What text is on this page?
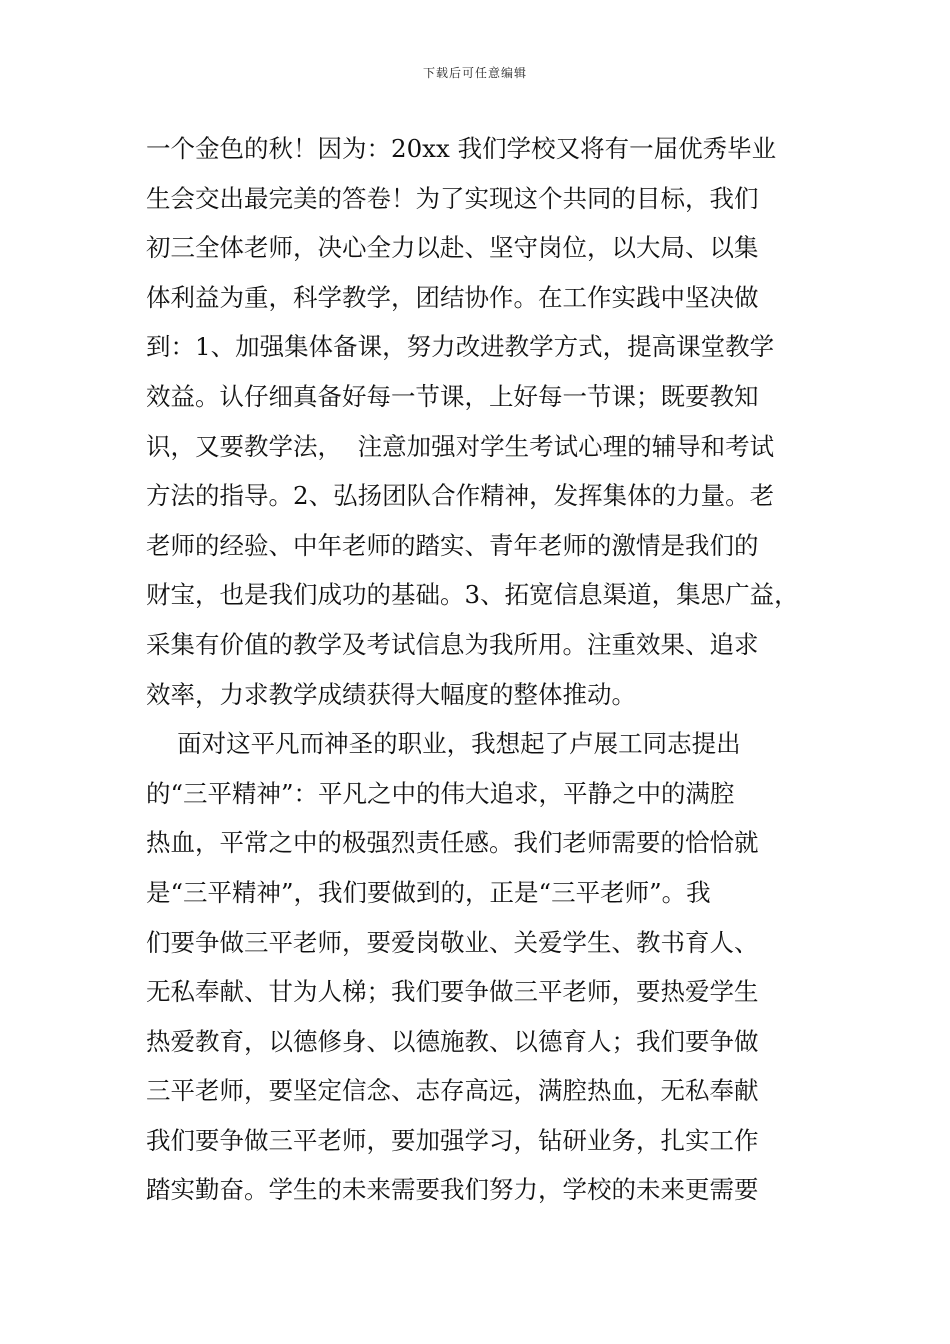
下载后可任意编辑
一个金色的秋！因为：20xx 我们学校又将有一届优秀毕业
生会交出最完美的答卷！为了实现这个共同的目标，我们
初三全体老师，决心全力以赴、坚守岗位，以大局、以集
体利益为重，科学教学，团结协作。在工作实践中坚决做
到：1、加强集体备课，努力改进教学方式，提高课堂教学
效益。认仔细真备好每一节课，上好每一节课；既要教知
识，又要教学法，  注意加强对学生考试心理的辅导和考试
方法的指导。2、弘扬团队合作精神，发挥集体的力量。老
老师的经验、中年老师的踏实、青年老师的激情是我们的
财宝，也是我们成功的基础。3、拓宽信息渠道，集思广益，
采集有价值的教学及考试信息为我所用。注重效果、追求
效率，力求教学成绩获得大幅度的整体推动。
面对这平凡而神圣的职业，我想起了卢展工同志提出
的“三平精神”：平凡之中的伟大追求，平静之中的满腔
热血，平常之中的极强烈责任感。我们老师需要的恰恰就
是“三平精神”，我们要做到的，正是“三平老师”。我
们要争做三平老师，要爱岗敬业、关爱学生、教书育人、
无私奉献、甘为人梯；我们要争做三平老师，要热爱学生
热爱教育，以德修身、以德施教、以德育人；我们要争做
三平老师，要坚定信念、志存高远，满腔热血，无私奉献
我们要争做三平老师，要加强学习，钻研业务，扎实工作
踏实勤奋。学生的未来需要我们努力，学校的未来更需要
